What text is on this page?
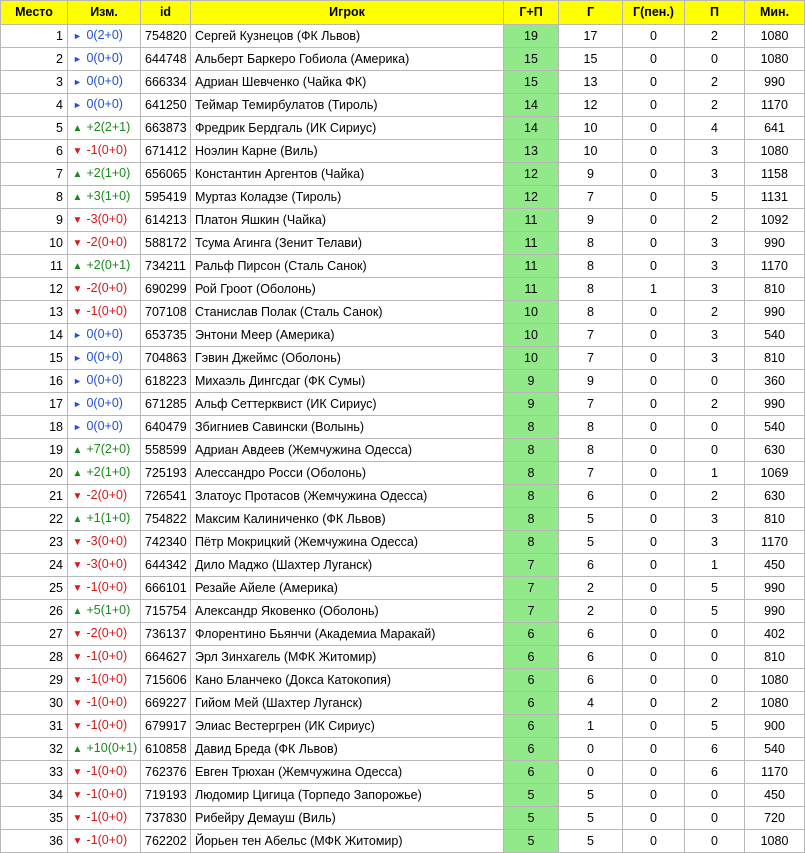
Место	Изм.	id	Игрок	Г+П	Г	Г(пен.)	П	Мин.
1	► 0(2+0)	754820	Сергей Кузнецов (ФК Львов)	19	17	0	2	1080
2	► 0(0+0)	644748	Альберт Баркеро Гобиола (Америка)	15	15	0	0	1080
3	► 0(0+0)	666334	Адриан Шевченко (Чайка ФК)	15	13	0	2	990
4	► 0(0+0)	641250	Теймар Темирбулатов (Тироль)	14	12	0	2	1170
5	▲ +2(2+1)	663873	Фредрик Бердгаль (ИК Сириус)	14	10	0	4	641
6	▼ -1(0+0)	671412	Ноэлин Карне (Виль)	13	10	0	3	1080
7	▲ +2(1+0)	656065	Константин Аргентов (Чайка)	12	9	0	3	1158
8	▲ +3(1+0)	595419	Муртаз Коладзе (Тироль)	12	7	0	5	1131
9	▼ -3(0+0)	614213	Платон Яшкин (Чайка)	11	9	0	2	1092
10	▼ -2(0+0)	588172	Тсума Агинга (Зенит Телави)	11	8	0	3	990
11	▲ +2(0+1)	734211	Ральф Пирсон (Сталь Санок)	11	8	0	3	1170
12	▼ -2(0+0)	690299	Рой Гроот (Оболонь)	11	8	1	3	810
13	▼ -1(0+0)	707108	Станислав Полак (Сталь Санок)	10	8	0	2	990
14	► 0(0+0)	653735	Энтони Меер (Америка)	10	7	0	3	540
15	► 0(0+0)	704863	Гэвин Джеймс (Оболонь)	10	7	0	3	810
16	► 0(0+0)	618223	Михаэль Дингсдаг (ФК Сумы)	9	9	0	0	360
17	► 0(0+0)	671285	Альф Сеттерквист (ИК Сириус)	9	7	0	2	990
18	► 0(0+0)	640479	Збигниев Савински (Волынь)	8	8	0	0	540
19	▲ +7(2+0)	558599	Адриан Авдеев (Жемчужина Одесса)	8	8	0	0	630
20	▲ +2(1+0)	725193	Алессандро Росси (Оболонь)	8	7	0	1	1069
21	▼ -2(0+0)	726541	Златоус Протасов (Жемчужина Одесса)	8	6	0	2	630
22	▲ +1(1+0)	754822	Максим Калиниченко (ФК Львов)	8	5	0	3	810
23	▼ -3(0+0)	742340	Пётр Мокрицкий (Жемчужина Одесса)	8	5	0	3	1170
24	▼ -3(0+0)	644342	Дило Маджо (Шахтер Луганск)	7	6	0	1	450
25	▼ -1(0+0)	666101	Резайе Айеле (Америка)	7	2	0	5	990
26	▲ +5(1+0)	715754	Александр Яковенко (Оболонь)	7	2	0	5	990
27	▼ -2(0+0)	736137	Флорентино Бьянчи (Академиа Маракай)	6	6	0	0	402
28	▼ -1(0+0)	664627	Эрл Зинхагель (МФК Житомир)	6	6	0	0	810
29	▼ -1(0+0)	715606	Кано Бланчеко (Докса Катокопия)	6	6	0	0	1080
30	▼ -1(0+0)	669227	Гийом Мей (Шахтер Луганск)	6	4	0	2	1080
31	▼ -1(0+0)	679917	Элиас Вестергрен (ИК Сириус)	6	1	0	5	900
32	▲ +10(0+1)	610858	Давид Бреда (ФК Львов)	6	0	0	6	540
33	▼ -1(0+0)	762376	Евген Трюхан (Жемчужина Одесса)	6	0	0	6	1170
34	▼ -1(0+0)	719193	Людомир Цигица (Торпедо Запорожье)	5	5	0	0	450
35	▼ -1(0+0)	737830	Рибейру Демауш (Виль)	5	5	0	0	720
36	▼ -1(0+0)	762202	Йорьен тен Абельс (МФК Житомир)	5	5	0	0	1080
